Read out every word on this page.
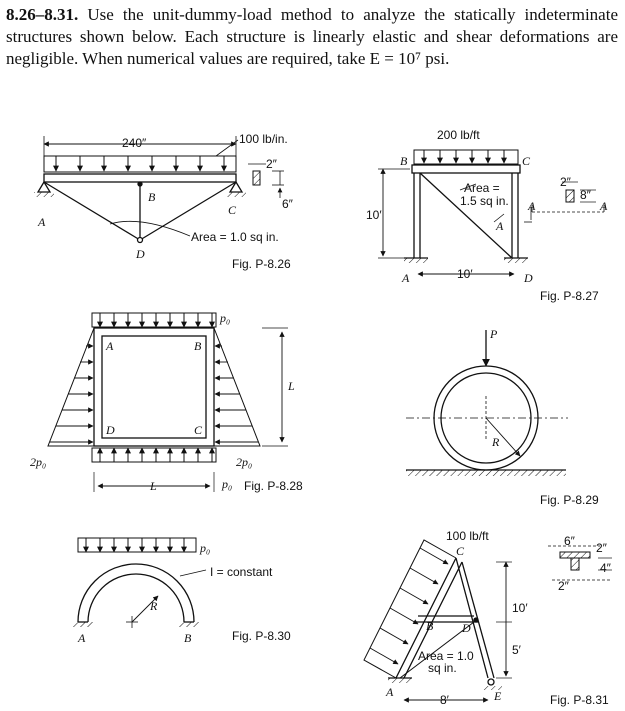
8.26–8.31. Use the unit-dummy-load method to analyze the statically indeterminate structures shown below. Each structure is linearly elastic and shear deformations are negligible. When numerical values are required, take E = 10⁷ psi.
240″	100 lb/in.
2″
6″
Area = 1.0 sq in.
A
B
C
D
Fig. P-8.26
200 lb/ft
B	C
A	D
10′
10′
Area =
1.5 sq in.
A
2″
8″
A	A
Fig. P-8.27
p₀
A	B
D	C
2p₀	2p₀
L
L	p₀ Fig. P-8.28
P
R
Fig. P-8.29
p₀
I = constant
R
A	B	Fig. P-8.30
100 lb/ft
C
B D
A	E
Area = 1.0
sq in.
10′
5′
8′
6″ 2″
4″
2″
Fig. P-8.31
